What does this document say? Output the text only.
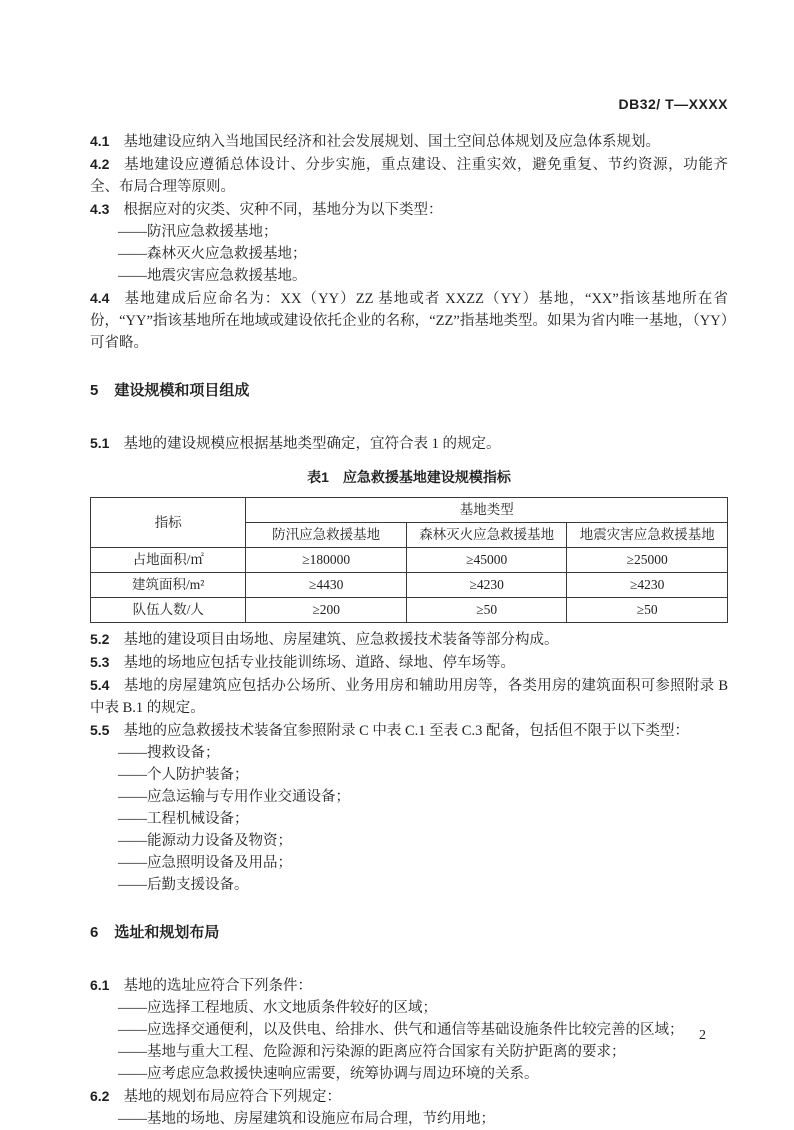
DB32/ T—XXXX

4.1 基地建设应纳入当地国民经济和社会发展规划、国土空间总体规划及应急体系规划。

4.2 基地建设应遵循总体设计、分步实施，重点建设、注重实效，避免重复、节约资源，功能齐全、布局合理等原则。

4.3 根据应对的灾类、灾种不同，基地分为以下类型：

——防汛应急救援基地；

——森林灭火应急救援基地；

——地震灾害应急救援基地。

4.4 基地建成后应命名为：XX（YY）ZZ 基地或者 XXZZ（YY）基地，“XX”指该基地所在省份，“YY”指该基地所在地域或建设依托企业的名称，“ZZ”指基地类型。如果为省内唯一基地，（YY）可省略。

5 建设规模和项目组成

5.1 基地的建设规模应根据基地类型确定，宜符合表 1 的规定。

表1 应急救援基地建设规模指标
指标	基地类型		
	防汛应急救援基地	森林灭火应急救援基地	地震灾害应急救援基地
占地面积/㎡	≥180000	≥45000	≥25000
建筑面积/m²	≥4430	≥4230	≥4230
队伍人数/人	≥200	≥50	≥50

5.2 基地的建设项目由场地、房屋建筑、应急救援技术装备等部分构成。

5.3 基地的场地应包括专业技能训练场、道路、绿地、停车场等。

5.4 基地的房屋建筑应包括办公场所、业务用房和辅助用房等，各类用房的建筑面积可参照附录 B 中表 B.1 的规定。

5.5 基地的应急救援技术装备宜参照附录 C 中表 C.1 至表 C.3 配备，包括但不限于以下类型：

——搜救设备；

——个人防护装备；

——应急运输与专用作业交通设备；

——工程机械设备；

——能源动力设备及物资；

——应急照明设备及用品；

——后勤支援设备。

6 选址和规划布局

6.1 基地的选址应符合下列条件：

——应选择工程地质、水文地质条件较好的区域；

——应选择交通便利，以及供电、给排水、供气和通信等基础设施条件比较完善的区域；

——基地与重大工程、危险源和污染源的距离应符合国家有关防护距离的要求；

——应考虑应急救援快速响应需要，统筹协调与周边环境的关系。

6.2 基地的规划布局应符合下列规定：

——基地的场地、房屋建筑和设施应布局合理，节约用地；

2
